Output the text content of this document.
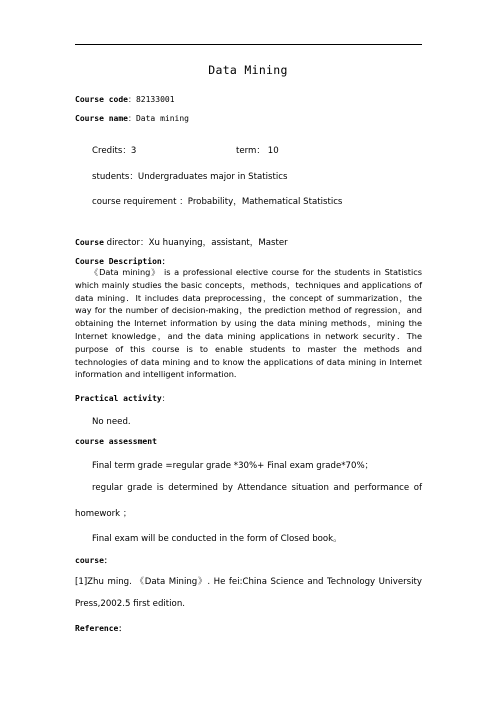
Data Mining
Course code：82133001
Course name：Data mining
Credits：3	term： 10
students：Undergraduates major in Statistics
course requirement ：Probability，Mathematical Statistics
Course director：Xu huanying，assistant，Master
Course Description：
《Data mining》 is a professional elective course for the students in Statistics which mainly studies the basic concepts，methods，techniques and applications of data mining．It includes data preprocessing，the concept of summarization，the way for the number of decision-making，the prediction method of regression，and obtaining the Internet information by using the data mining methods，mining the Internet knowledge，and the data mining applications in network security．The purpose of this course is to enable students to master the methods and technologies of data mining and to know the applications of data mining in Internet information and intelligent information．
Practical activity：
No need.
course assessment
Final term grade =regular grade *30%+ Final exam grade*70%；
regular grade is determined by Attendance situation and performance of
homework ；
Final exam will be conducted in the form of Closed book。
course：
[1]Zhu ming. 《Data Mining》. He fei:China Science and Technology University
Press,2002.5 first edition.
Reference：
